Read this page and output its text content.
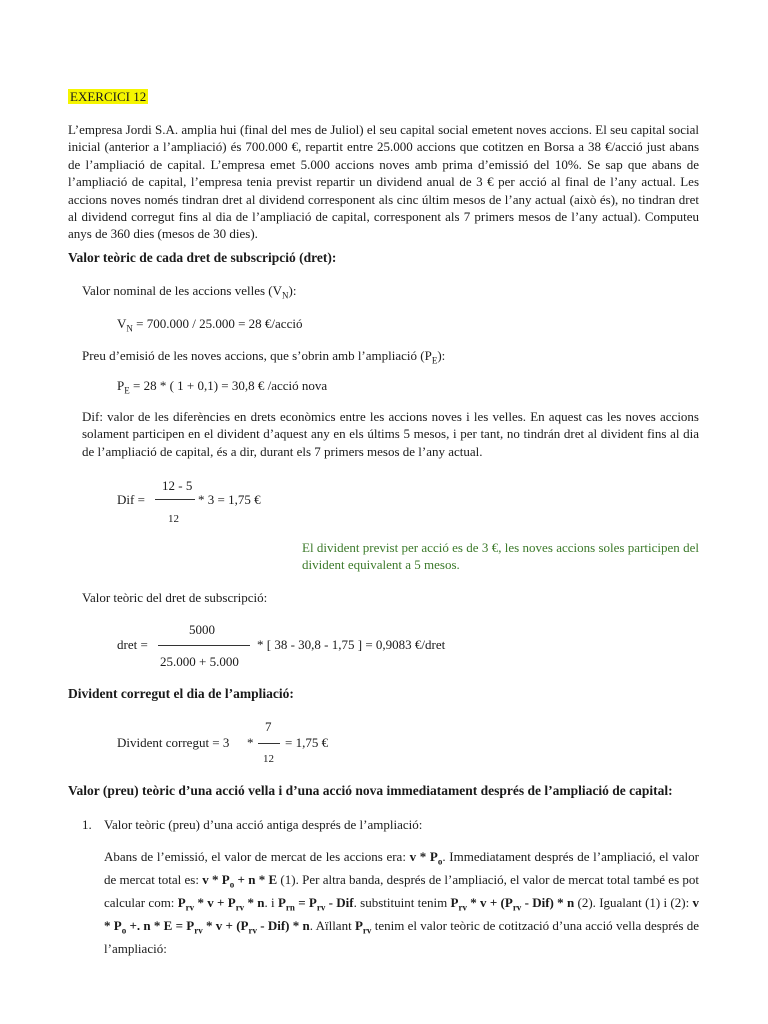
EXERCICI 12
L’empresa Jordi S.A. amplia hui (final del mes de Juliol) el seu capital social emetent noves accions. El seu capital social inicial (anterior a l’ampliació) és 700.000 €, repartit entre 25.000 accions que cotitzen en Borsa a 38 €/acció just abans de l’ampliació de capital. L’empresa emet 5.000 accions noves amb prima d’emissió del 10%. Se sap que abans de l’ampliació de capital, l’empresa tenia previst repartir un dividend anual de 3 € per acció al final de l’any actual. Les accions noves només tindran dret al dividend corresponent als cinc últim mesos de l’any actual (això és), no tindran dret al dividend corregut fins al dia de l’ampliació de capital, corresponent als 7 primers mesos de l’any actual). Computeu anys de 360 dies (mesos de 30 dies).
Valor teòric de cada dret de subscripció (dret):
Valor nominal de les accions velles $(V_N)$:
$V_N = 700.000 / 25.000 = 28$ €/acció
Preu d’emisió de les noves accions, que s’obrin amb l’ampliació $(P_E)$:
$P_E = 28$ * ( 1 + 0,1) = 30,8 € /acció nova
Dif: valor de les diferències en drets econòmics entre les accions noves i les velles. En aquest cas les noves accions solament participen en el divident d’aquest any en els últims 5 mesos, i per tant, no tindrán dret al divident fins al dia de l’ampliació de capital, és a dir, durant els 7 primers mesos de l’any actual.
Dif =
12 - 5
12
* 3 = 1,75 €
El divident previst per acció es de 3 €, les noves accions soles participen del divident equivalent a 5 mesos.
Valor teòric del dret de subscripció:
dret =
5000
25.000 + 5.000
* [ 38 - 30,8 - 1,75 ] = 0,9083 €/dret
Divident corregut el dia de l’ampliació:
Divident corregut = 3 *
7
12
= 1,75 €
Valor (preu) teòric d’una acció vella i d’una acció nova immediatament després de l’ampliació de capital:
1. Valor teòric (preu) d’una acció antiga després de l’ampliació:
Abans de l’emissió, el valor de mercat de les accions era: v * $P_o$. Immediatament després de l’ampliació, el valor de mercat total es: $v * P_o + n * E$ (1). Per altra banda, després de l’ampliació, el valor de mercat total també es pot calcular com: $P_{rv} * v + P_{rv} * n$. i $P_{rn} = P_{rv}$ - Dif. substituint tenim $P_{rv} * v + (P_{rv} - Dif) * n$ (2). Igualant (1) i (2): v * $P_o$ +. $n * E = P_{rv} * v + (P_{rv} - Dif) * n$. Aïllant $P_{rv}$ tenim el valor teòric de cotització d’una acció vella després de l’ampliació:
